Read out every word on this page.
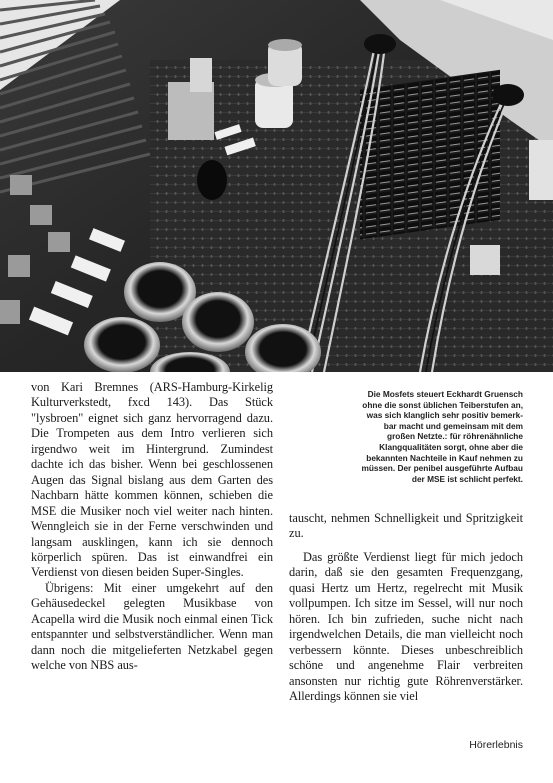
von Kari Bremnes (ARS-Hamburg-Kirkelig Kulturverkstedt, fxcd 143). Das Stück "lysbroen" eignet sich ganz hervorragend dazu. Die Trompeten aus dem Intro verlieren sich irgendwo weit im Hintergrund. Zumindest dachte ich das bisher. Wenn bei geschlossenen Augen das Signal bislang aus dem Garten des Nachbarn hätte kommen können, schieben die MSE die Musiker noch viel weiter nach hinten. Wenngleich sie in der Ferne verschwinden und langsam ausklingen, kann ich sie dennoch körperlich spüren. Das ist einwandfrei ein Verdienst von diesen beiden Super-Singles.

Übrigens: Mit einer umgekehrt auf den Gehäusedeckel gelegten Musikbase von Acapella wird die Musik noch einmal einen Tick entspannter und selbstverständlicher. Wenn man dann noch die mitgelieferten Netzkabel gegen welche von NBS aus-

Die Mosfets steuert Eckhardt Gruensch
ohne die sonst üblichen Teiberstufen an,
was sich klanglich sehr positiv bemerk-
bar macht und gemeinsam mit dem
großen Netzte.: für röhrenähnliche
Klangqualitäten sorgt, ohne aber die
bekannten Nachteile in Kauf nehmen zu
müssen. Der penibel ausgeführte Aufbau
der MSE ist schlicht perfekt.

tauscht, nehmen Schnelligkeit und Spritzigkeit zu.

Das größte Verdienst liegt für mich jedoch darin, daß sie den gesamten Frequenzgang, quasi Hertz um Hertz, regelrecht mit Musik vollpumpen. Ich sitze im Sessel, will nur noch hören. Ich bin zufrieden, suche nicht nach irgendwelchen Details, die man vielleicht noch verbessern könnte. Dieses unbeschreiblich schöne und angenehme Flair verbreiten ansonsten nur richtig gute Röhrenverstärker. Allerdings können sie viel

Hörerlebnis
